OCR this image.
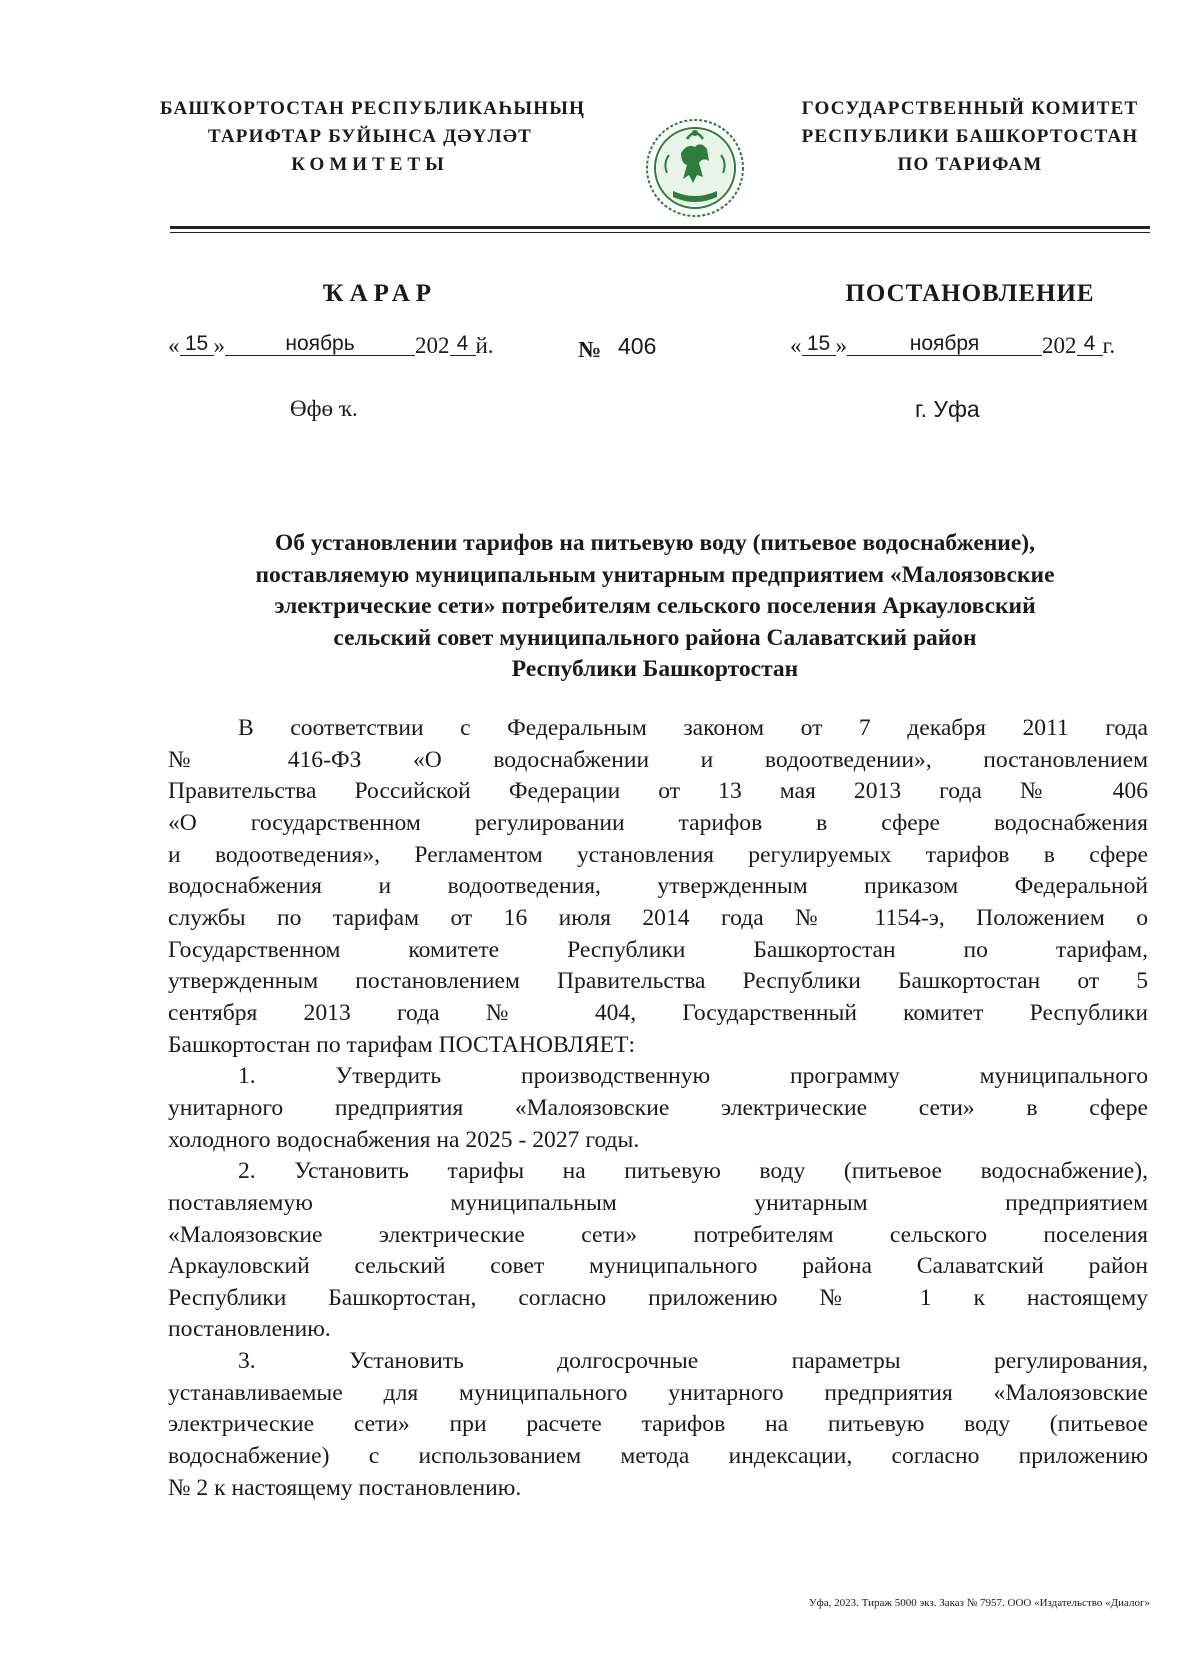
БАШҠОРТОСТАН РЕСПУБЛИКАҺЫНЫҢ
ТАРИФТАР БУЙЫНСА ДӘҮЛӘТ
КОМИТЕТЫ
ГОСУДАРСТВЕННЫЙ КОМИТЕТ
РЕСПУБЛИКИ БАШКОРТОСТАН
ПО ТАРИФАМ
ҠАРАР	ПОСТАНОВЛЕНИЕ
« 15 »	ноябрь	202 4 й.	№ 406	« 15 »	ноября	202 4 г.
Өфө ҡ.	г. Уфа
Об установлении тарифов на питьевую воду (питьевое водоснабжение),
поставляемую муниципальным унитарным предприятием «Малоязовские
электрические сети» потребителям сельского поселения Аркауловский
сельский совет муниципального района Салаватский район
Республики Башкортостан
В соответствии с Федеральным законом от 7 декабря 2011 года
№ 416-ФЗ «О водоснабжении и водоотведении», постановлением
Правительства Российской Федерации от 13 мая 2013 года № 406
«О государственном регулировании тарифов в сфере водоснабжения
и водоотведения», Регламентом установления регулируемых тарифов в сфере
водоснабжения и водоотведения, утвержденным приказом Федеральной
службы по тарифам от 16 июля 2014 года № 1154-э, Положением о
Государственном комитете Республики Башкортостан по тарифам,
утвержденным постановлением Правительства Республики Башкортостан от 5
сентября 2013 года № 404, Государственный комитет Республики
Башкортостан по тарифам ПОСТАНОВЛЯЕТ:
1. Утвердить производственную программу муниципального
унитарного предприятия «Малоязовские электрические сети» в сфере
холодного водоснабжения на 2025 - 2027 годы.
2. Установить тарифы на питьевую воду (питьевое водоснабжение),
поставляемую муниципальным унитарным предприятием
«Малоязовские электрические сети» потребителям сельского поселения
Аркауловский сельский совет муниципального района Салаватский район
Республики Башкортостан, согласно приложению № 1 к настоящему
постановлению.
3. Установить долгосрочные параметры регулирования,
устанавливаемые для муниципального унитарного предприятия «Малоязовские
электрические сети» при расчете тарифов на питьевую воду (питьевое
водоснабжение) с использованием метода индексации, согласно приложению
№ 2 к настоящему постановлению.
Уфа, 2023. Тираж 5000 экз. Заказ № 7957. ООО «Издательство «Диалог»
